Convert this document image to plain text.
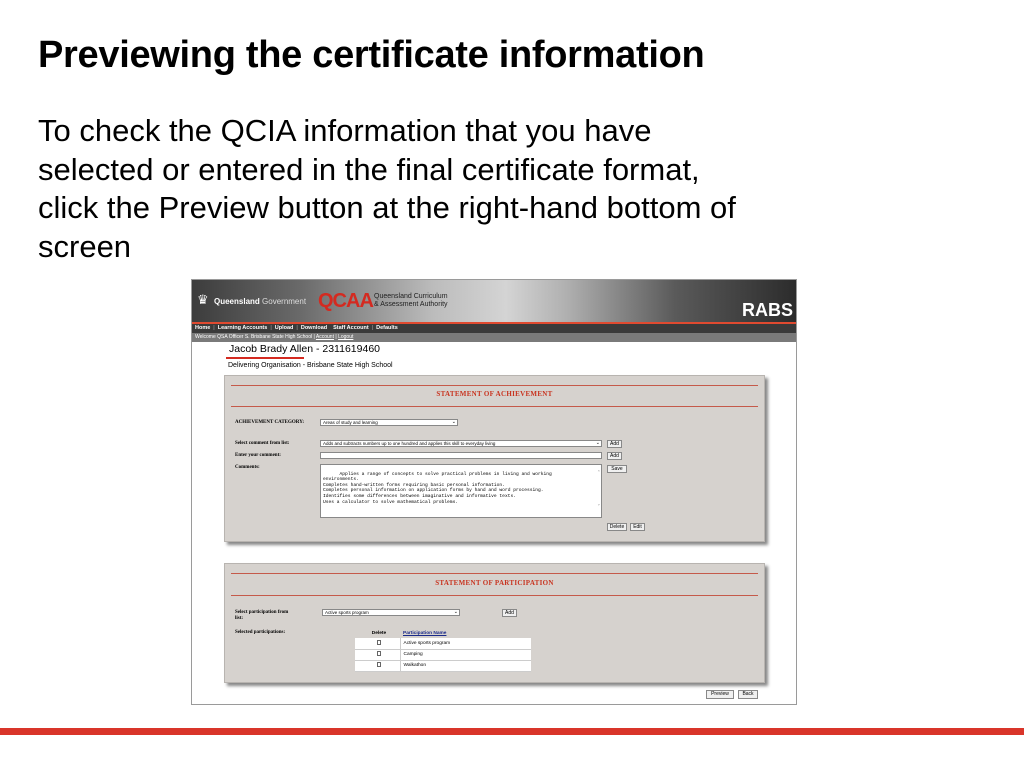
Previewing the certificate information
To check the QCIA information that you have
selected or entered in the final certificate format,
click the Preview button at the right-hand bottom of
screen
♛ Queensland Government QCAA Queensland Curriculum
& Assessment Authority	RABS
Home | Learning Accounts | Upload | Download Staff Account | Defaults
Welcome QSA Officer S. Brisbane State High School | Account | Logout
Jacob Brady Allen - 2311619460
Delivering Organisation - Brisbane State High School
STATEMENT OF ACHIEVEMENT
ACHIEVEMENT CATEGORY:	Areas of study and learning	⌄
Select comment from list:	Adds and subtracts numbers up to one hundred and applies this skill to everyday living	⌄	Add
Enter your comment:	Add
Comments:

Applies a range of concepts to solve practical problems in living and working
environments.
Completes hand-written forms requiring basic personal information.
Completes personal information on application forms by hand and word processing.
Identifies some differences between imaginative and informative texts.
Uses a calculator to solve mathematical problems.

⌃

⌄

Save
Delete	Edit
STATEMENT OF PARTICIPATION
Select participation from
list:
Active sports program	⌄	Add
Selected participations:	Delete	Participation Name
	Active sports program
	Camping
	Walkathon
Preview	Back
